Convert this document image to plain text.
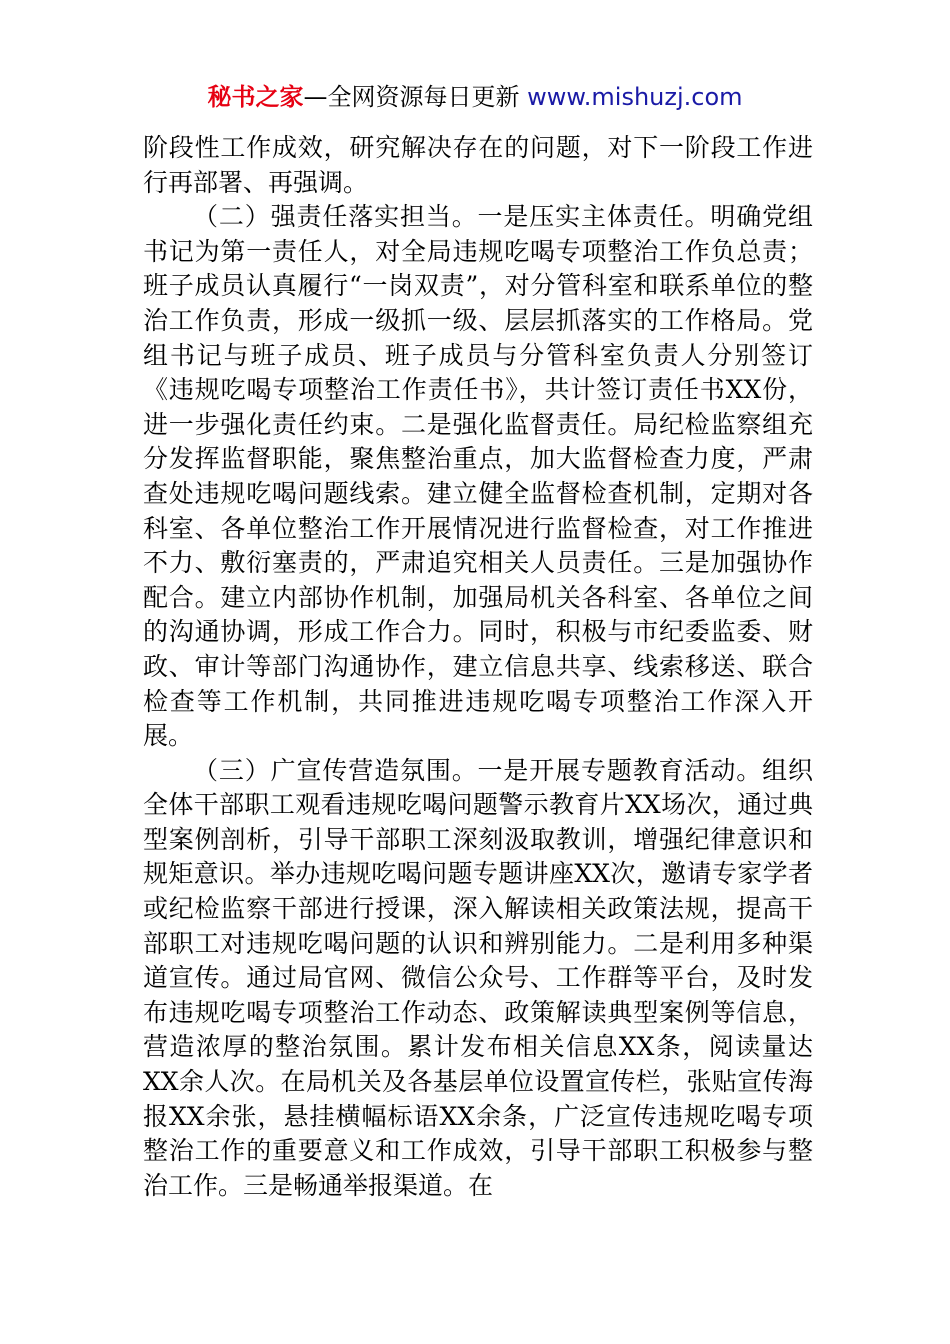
秘书之家—全网资源每日更新 www.mishuzj.com

阶段性工作成效，研究解决存在的问题，对下一阶段工作进行再部署、再强调。

（二）强责任落实担当。一是压实主体责任。明确党组书记为第一责任人，对全局违规吃喝专项整治工作负总责；班子成员认真履行“一岗双责”，对分管科室和联系单位的整治工作负责，形成一级抓一级、层层抓落实的工作格局。党组书记与班子成员、班子成员与分管科室负责人分别签订《违规吃喝专项整治工作责任书》，共计签订责任书XX份，进一步强化责任约束。二是强化监督责任。局纪检监察组充分发挥监督职能，聚焦整治重点，加大监督检查力度，严肃查处违规吃喝问题线索。建立健全监督检查机制，定期对各科室、各单位整治工作开展情况进行监督检查，对工作推进不力、敷衍塞责的，严肃追究相关人员责任。三是加强协作配合。建立内部协作机制，加强局机关各科室、各单位之间的沟通协调，形成工作合力。同时，积极与市纪委监委、财政、审计等部门沟通协作，建立信息共享、线索移送、联合检查等工作机制，共同推进违规吃喝专项整治工作深入开展。

（三）广宣传营造氛围。一是开展专题教育活动。组织全体干部职工观看违规吃喝问题警示教育片XX场次，通过典型案例剖析，引导干部职工深刻汲取教训，增强纪律意识和规矩意识。举办违规吃喝问题专题讲座XX次，邀请专家学者或纪检监察干部进行授课，深入解读相关政策法规，提高干部职工对违规吃喝问题的认识和辨别能力。二是利用多种渠道宣传。通过局官网、微信公众号、工作群等平台，及时发布违规吃喝专项整治工作动态、政策解读典型案例等信息，营造浓厚的整治氛围。累计发布相关信息XX条，阅读量达XX余人次。在局机关及各基层单位设置宣传栏，张贴宣传海报XX余张，悬挂横幅标语XX余条，广泛宣传违规吃喝专项整治工作的重要意义和工作成效，引导干部职工积极参与整治工作。三是畅通举报渠道。在
